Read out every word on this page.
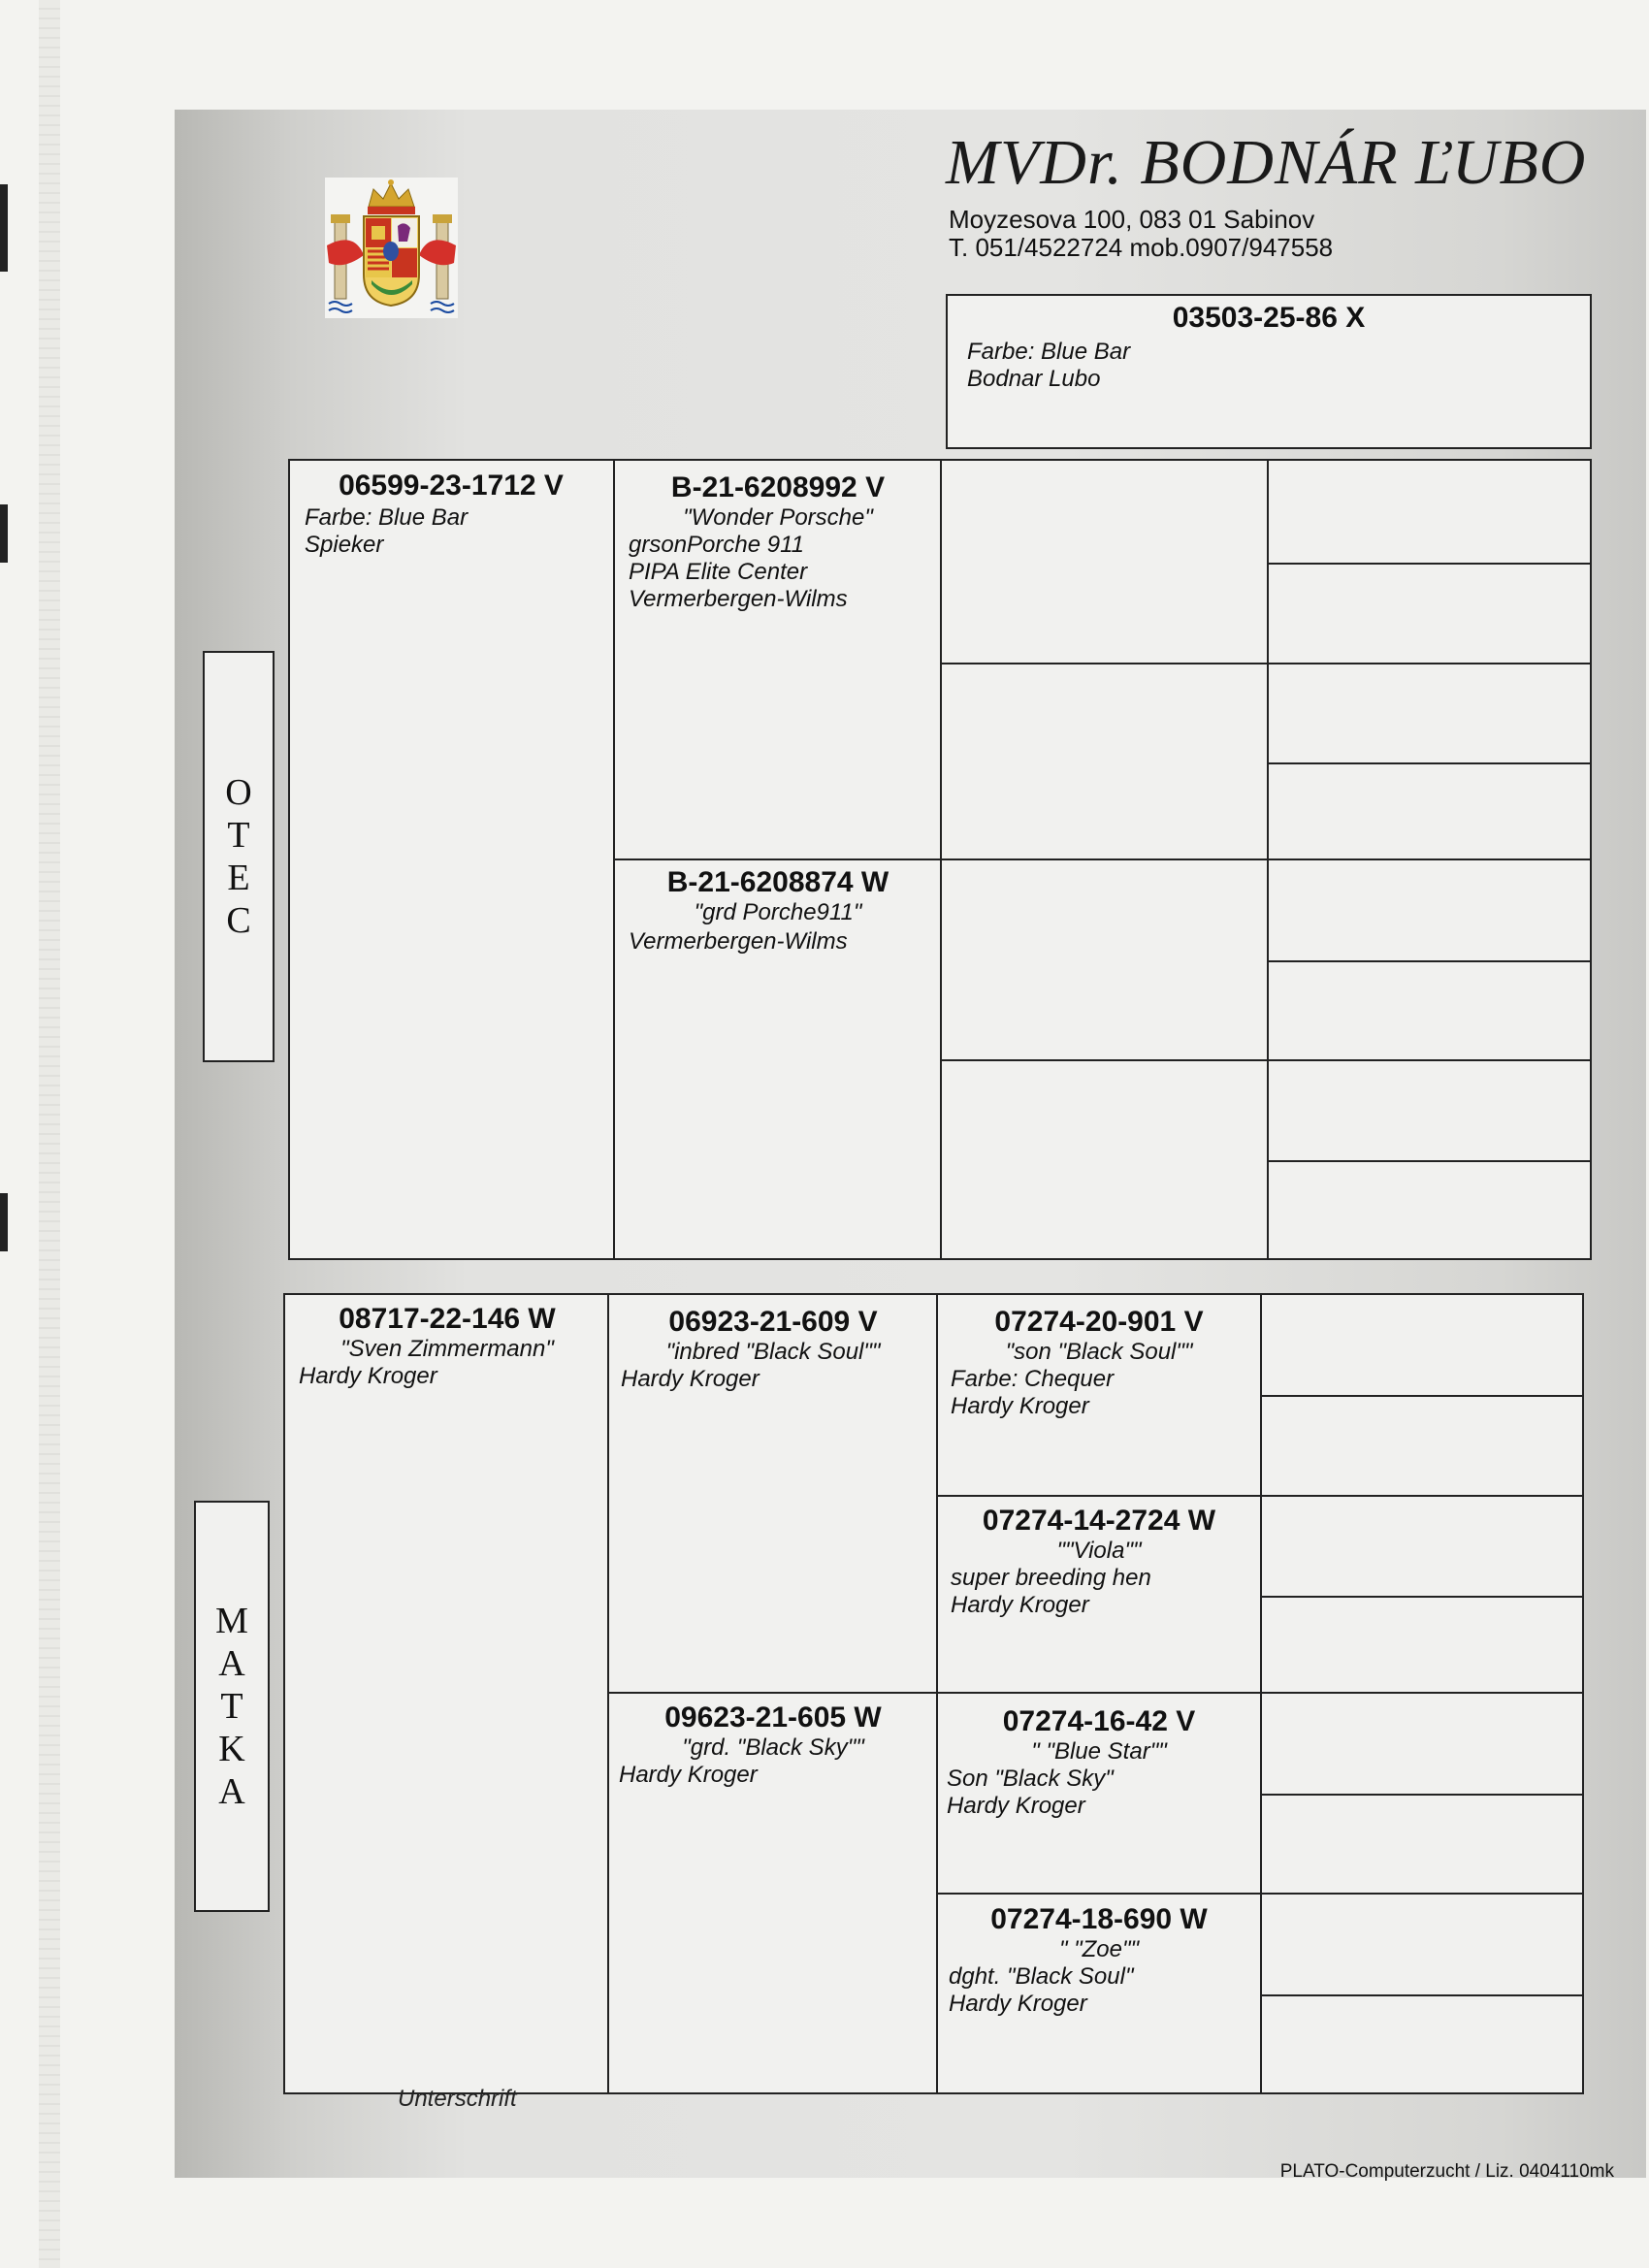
MVDr. BODNÁR ĽUBO
Moyzesova 100, 083 01 Sabinov
T. 051/4522724 mob.0907/947558
03503-25-86 X
Farbe: Blue Bar
Bodnar Lubo
O
T
E
C
M
A
T
K
A
06599-23-1712 V
Farbe: Blue Bar
Spieker
B-21-6208992 V
"Wonder Porsche"
grsonPorche 911
PIPA Elite Center
Vermerbergen-Wilms
B-21-6208874 W
"grd Porche911"
Vermerbergen-Wilms
08717-22-146 W
"Sven Zimmermann"
Hardy Kroger
06923-21-609 V
"inbred "Black Soul""
Hardy Kroger
09623-21-605 W
"grd. "Black Sky""
Hardy Kroger
07274-20-901 V
"son "Black Soul""
Farbe: Chequer
Hardy Kroger
07274-14-2724 W
""Viola""
super breeding hen
Hardy Kroger
07274-16-42 V
" "Blue Star""
Son "Black Sky"
Hardy Kroger
07274-18-690 W
" "Zoe""
dght. "Black Soul"
Hardy Kroger
Unterschrift
PLATO-Computerzucht / Liz. 0404110mk
